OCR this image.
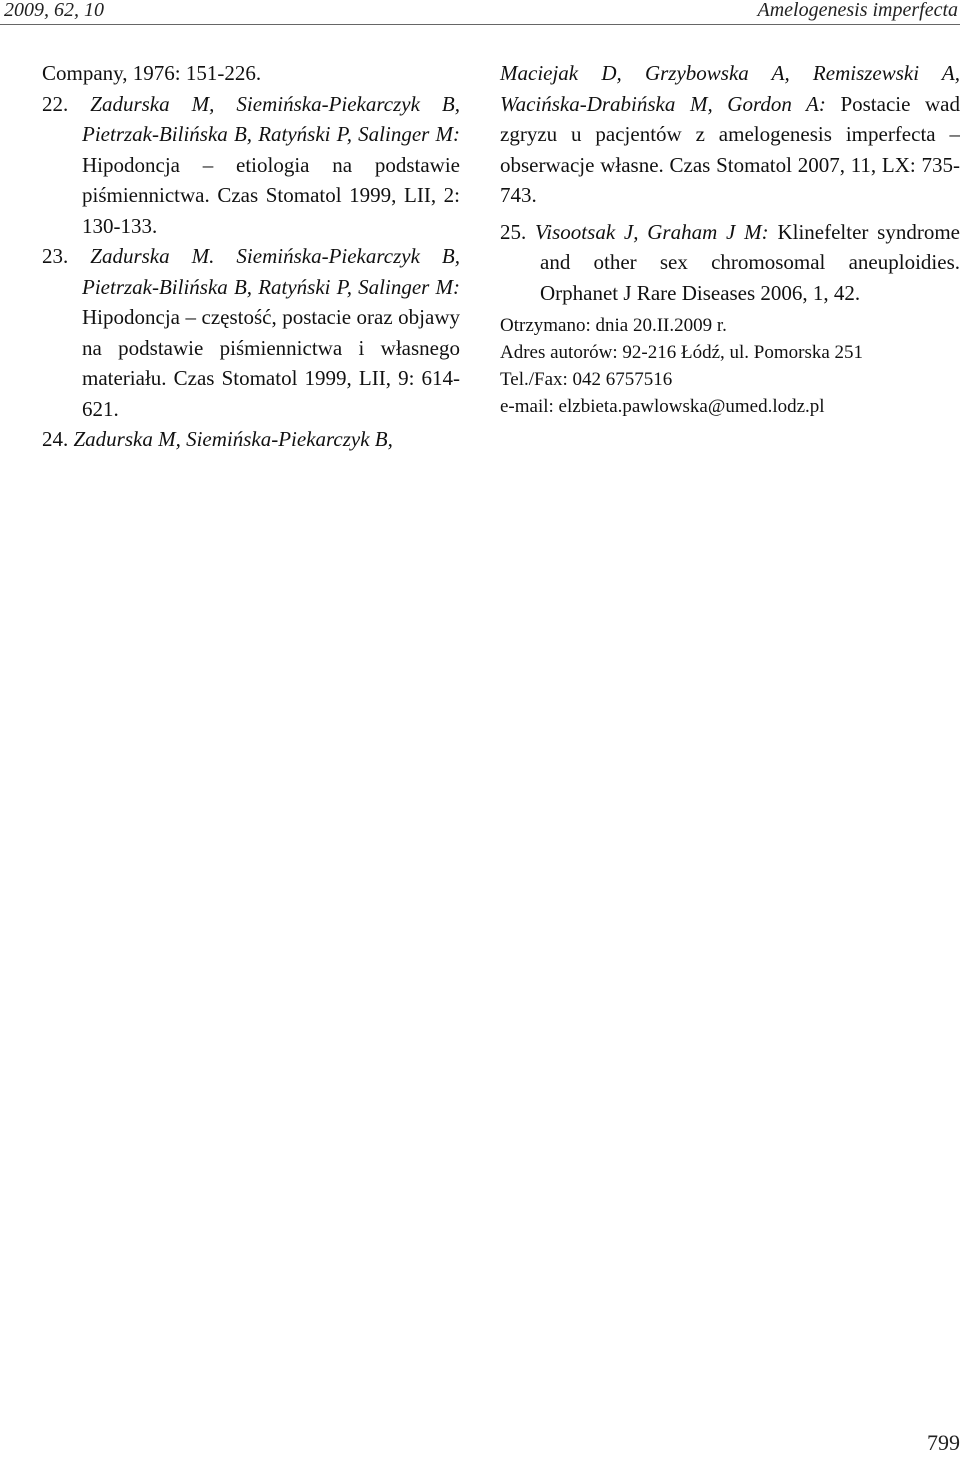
2009, 62, 10	Amelogenesis imperfecta

Company, 1976: 151-226.

22. Zadurska M, Siemińska-Piekarczyk B, Pietrzak-Bilińska B, Ratyński P, Salinger M: Hipodoncja – etiologia na podstawie piśmiennictwa. Czas Stomatol 1999, LII, 2: 130-133.

23. Zadurska M. Siemińska-Piekarczyk B, Pietrzak-Bilińska B, Ratyński P, Salinger M: Hipodoncja – częstość, postacie oraz objawy na podstawie piśmiennictwa i własnego materiału. Czas Stomatol 1999, LII, 9: 614-621.

24. Zadurska M, Siemińska-Piekarczyk B,

Maciejak D, Grzybowska A, Remiszewski A, Wacińska-Drabińska M, Gordon A: Postacie wad zgryzu u pacjentów z amelogenesis imperfecta – obserwacje własne. Czas Stomatol 2007, 11, LX: 735-743.

25. Visootsak J, Graham J M: Klinefelter syndrome and other sex chromosomal aneuploidies. Orphanet J Rare Diseases 2006, 1, 42.

Otrzymano: dnia 20.II.2009 r.

Adres autorów: 92-216 Łódź, ul. Pomorska 251

Tel./Fax: 042 6757516

e-mail: elzbieta.pawlowska@umed.lodz.pl

799
